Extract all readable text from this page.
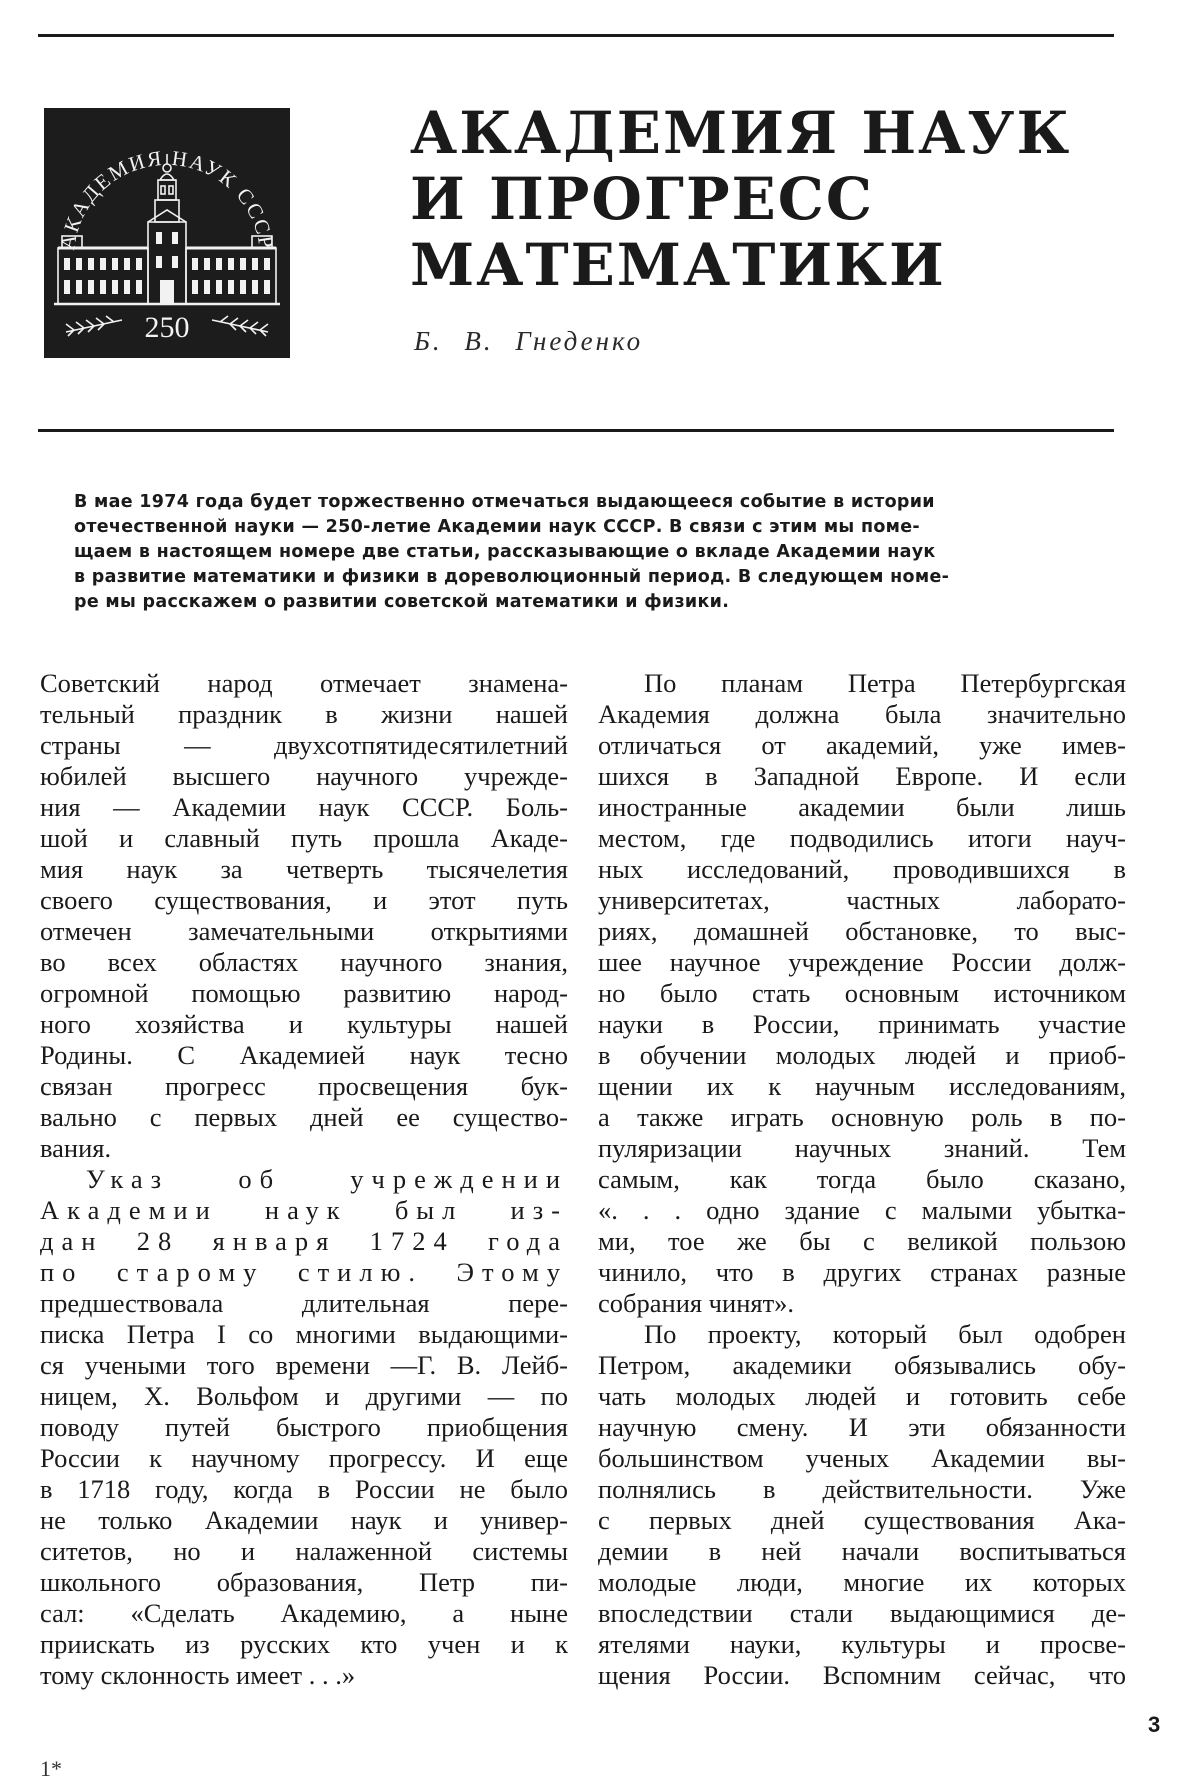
АКАДЕМИЯ НАУК СССР
250
АКАДЕМИЯ НАУК
И ПРОГРЕСС
МАТЕМАТИКИ
Б. В. Гнеденко
В мае 1974 года будет торжественно отмечаться выдающееся событие в истории
отечественной науки — 250-летие Академии наук СССР. В связи с этим мы поме-
щаем в настоящем номере две статьи, рассказывающие о вкладе Академии наук
в развитие математики и физики в дореволюционный период. В следующем номе-
ре мы расскажем о развитии советской математики и физики.
Советский народ отмечает знамена-
тельный праздник в жизни нашей
страны — двухсотпятидесятилетний
юбилей высшего научного учрежде-
ния — Академии наук СССР. Боль-
шой и славный путь прошла Акаде-
мия наук за четверть тысячелетия
своего существования, и этот путь
отмечен замечательными открытиями
во всех областях научного знания,
огромной помощью развитию народ-
ного хозяйства и культуры нашей
Родины. С Академией наук тесно
связан прогресс просвещения бук-
вально с первых дней ее существо-
вания.
Указ об учреждении
Академии наук был из-
дан 28 января 1724 года
по старому стилю. Этому
предшествовала длительная пере-
писка Петра I со многими выдающими-
ся учеными того времени —Г. В. Лейб-
ницем, Х. Вольфом и другими — по
поводу путей быстрого приобщения
России к научному прогрессу. И еще
в 1718 году, когда в России не было
не только Академии наук и универ-
ситетов, но и налаженной системы
школьного образования, Петр пи-
сал: «Сделать Академию, а ныне
приискать из русских кто учен и к
тому склонность имеет . . .»
По планам Петра Петербургская
Академия должна была значительно
отличаться от академий, уже имев-
шихся в Западной Европе. И если
иностранные академии были лишь
местом, где подводились итоги науч-
ных исследований, проводившихся в
университетах, частных лаборато-
риях, домашней обстановке, то выс-
шее научное учреждение России долж-
но было стать основным источником
науки в России, принимать участие
в обучении молодых людей и приоб-
щении их к научным исследованиям,
а также играть основную роль в по-
пуляризации научных знаний. Тем
самым, как тогда было сказано,
«. . . одно здание с малыми убытка-
ми, тое же бы с великой пользою
чинило, что в других странах разные
собрания чинят».
По проекту, который был одобрен
Петром, академики обязывались обу-
чать молодых людей и готовить себе
научную смену. И эти обязанности
большинством ученых Академии вы-
полнялись в действительности. Уже
с первых дней существования Ака-
демии в ней начали воспитываться
молодые люди, многие их которых
впоследствии стали выдающимися де-
ятелями науки, культуры и просве-
щения России. Вспомним сейчас, что
3
1*
